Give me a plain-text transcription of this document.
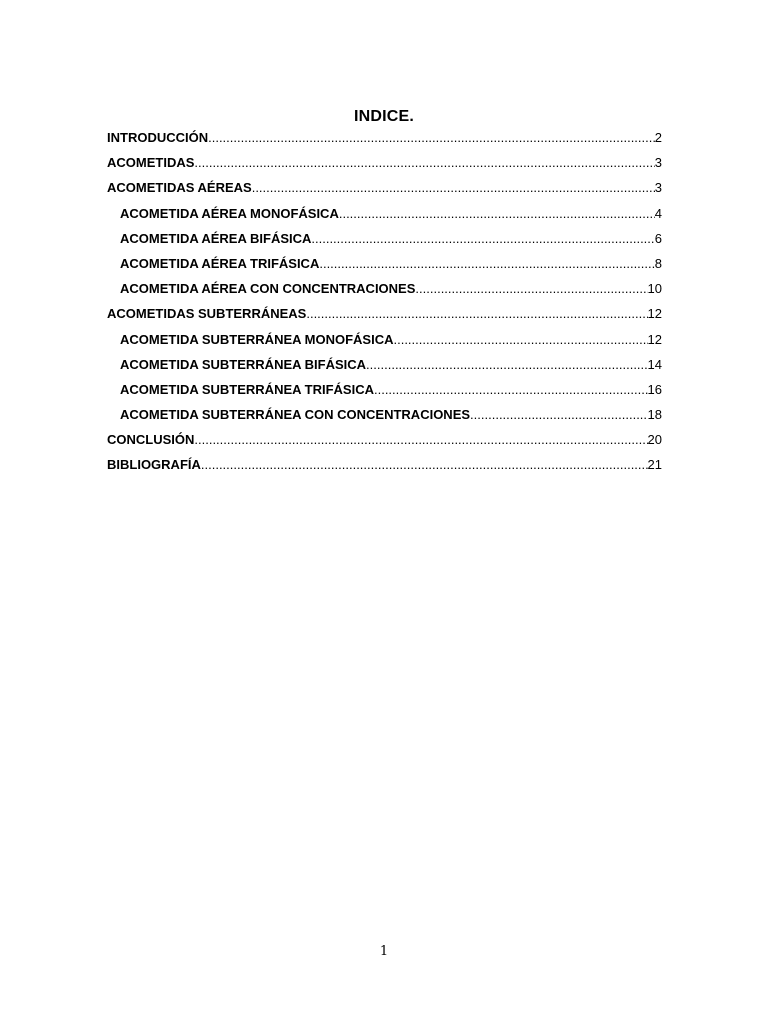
INDICE.
INTRODUCCIÓN .....	2
ACOMETIDAS .....	3
ACOMETIDAS AÉREAS .....	3
ACOMETIDA AÉREA MONOFÁSICA .....	4
ACOMETIDA AÉREA BIFÁSICA .....	6
ACOMETIDA AÉREA TRIFÁSICA .....	8
ACOMETIDA AÉREA CON CONCENTRACIONES .....	10
ACOMETIDAS SUBTERRÁNEAS .....	12
ACOMETIDA SUBTERRÁNEA MONOFÁSICA .....	12
ACOMETIDA SUBTERRÁNEA BIFÁSICA .....	14
ACOMETIDA SUBTERRÁNEA TRIFÁSICA .....	16
ACOMETIDA SUBTERRÁNEA CON CONCENTRACIONES .....	18
CONCLUSIÓN .....	20
BIBLIOGRAFÍA .....	21
1
